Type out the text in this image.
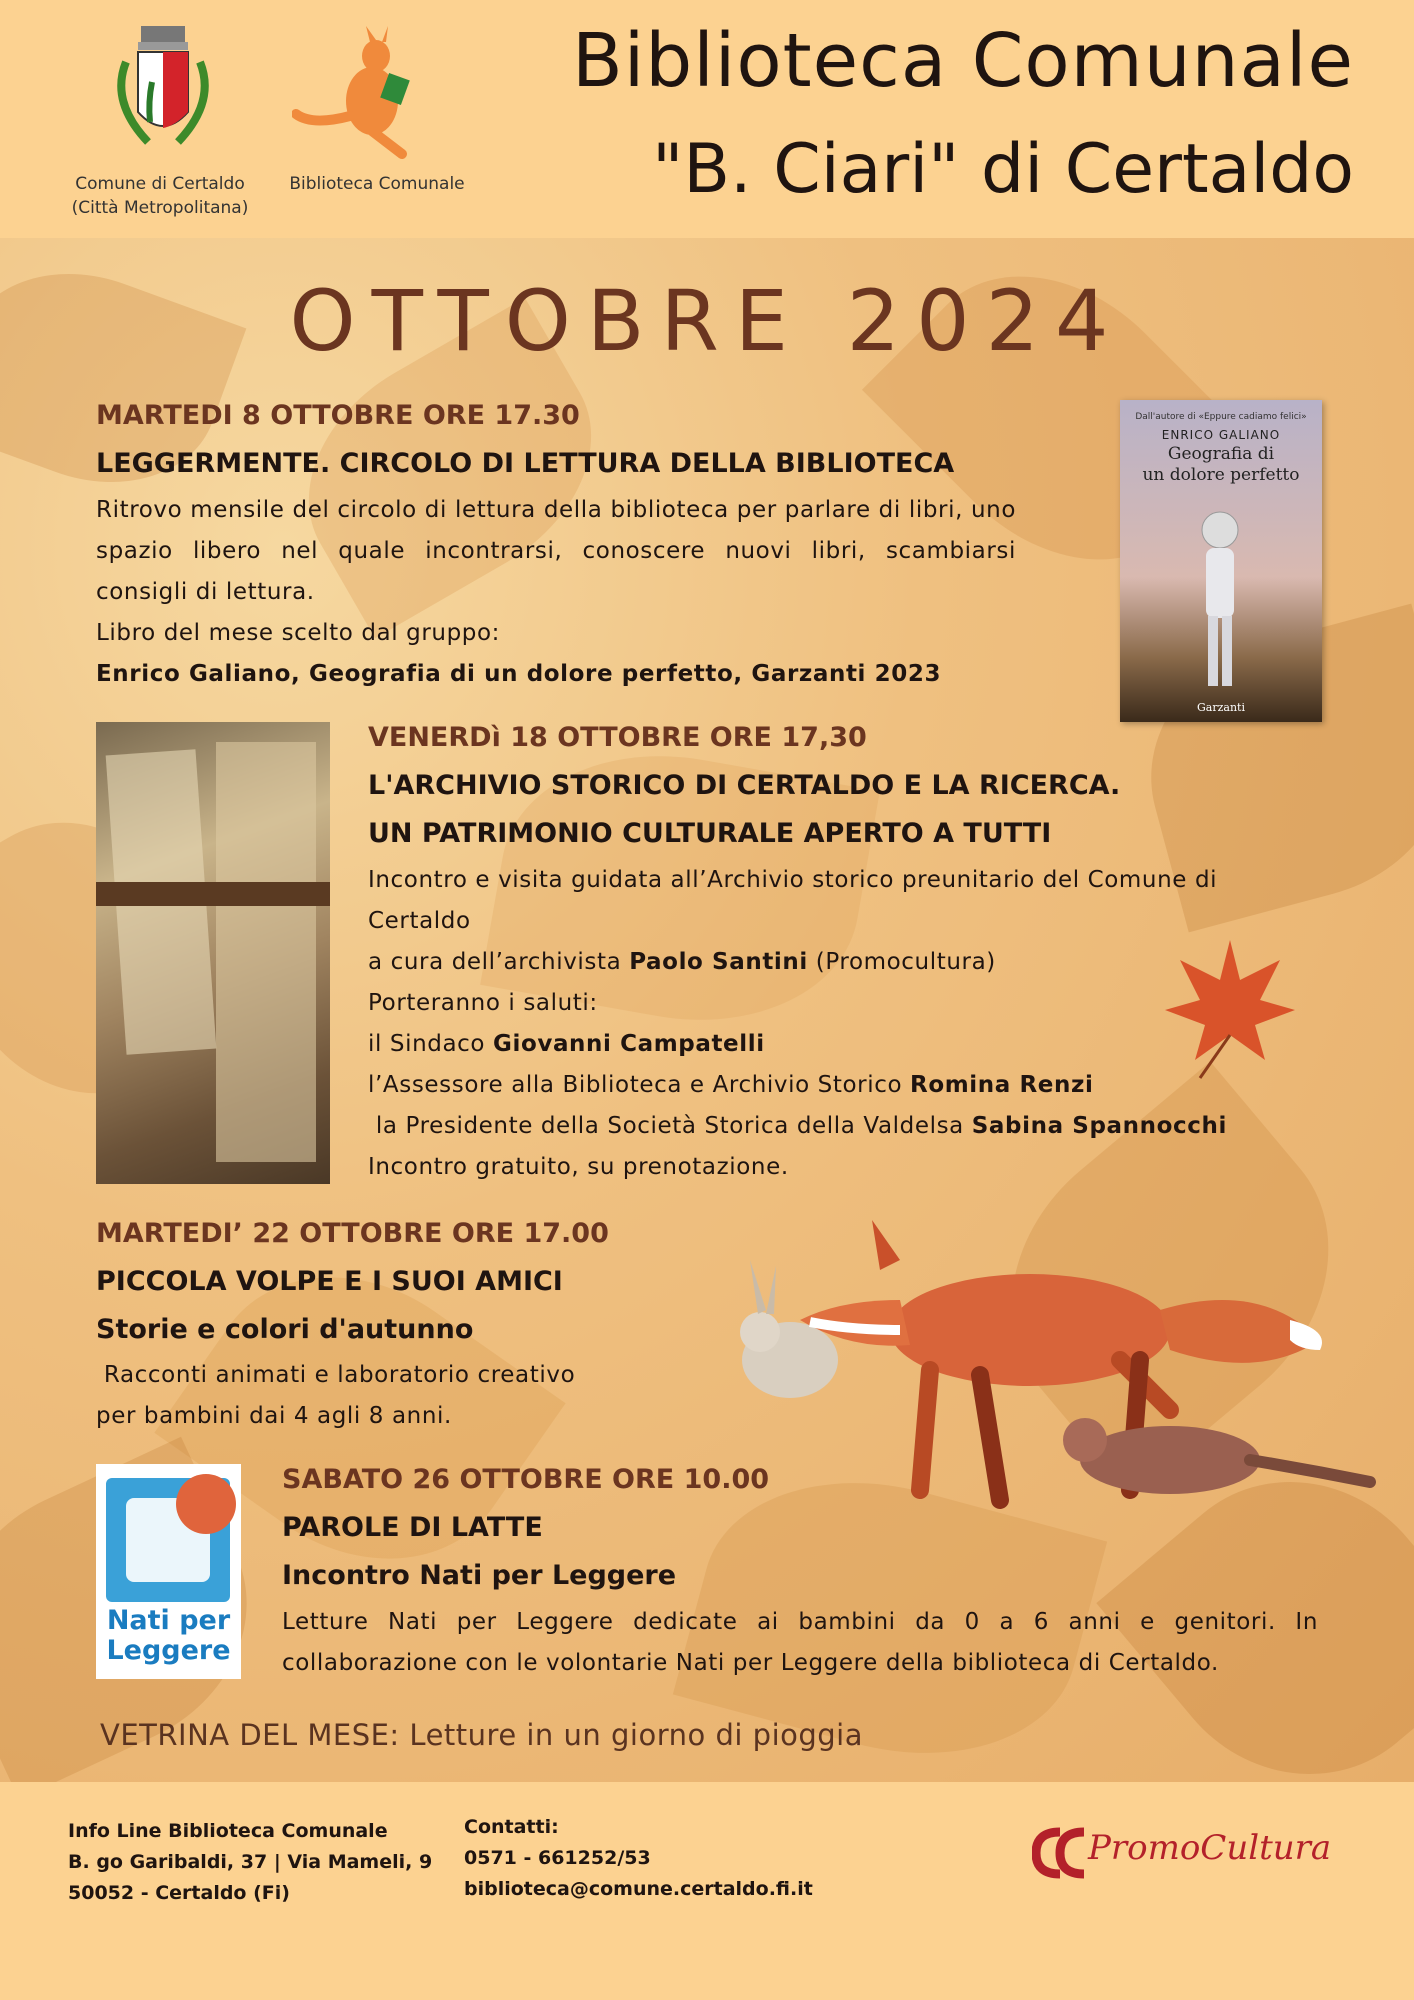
Comune di Certaldo
(Città Metropolitana)
Biblioteca Comunale
Biblioteca Comunale
"B. Ciari" di Certaldo
OTTOBRE 2024
MARTEDI 8 OTTOBRE ORE 17.30
LEGGERMENTE. CIRCOLO DI LETTURA DELLA BIBLIOTECA
Ritrovo mensile del circolo di lettura della biblioteca per parlare di libri, uno spazio libero nel quale incontrarsi, conoscere nuovi libri, scambiarsi consigli di lettura.
Libro del mese scelto dal gruppo:
Enrico Galiano, Geografia di un dolore perfetto, Garzanti 2023
Dall'autore di «Eppure cadiamo felici»
ENRICO GALIANO
Geografia di
un dolore perfetto
Garzanti
VENERDì 18 OTTOBRE ORE 17,30
L'ARCHIVIO STORICO DI CERTALDO E LA RICERCA.
UN PATRIMONIO CULTURALE APERTO A TUTTI
Incontro e visita guidata all’Archivio storico preunitario del Comune di Certaldo
a cura dell’archivista Paolo Santini (Promocultura)
Porteranno i saluti:
il Sindaco Giovanni Campatelli
l’Assessore alla Biblioteca e Archivio Storico Romina Renzi
la Presidente della Società Storica della Valdelsa Sabina Spannocchi
Incontro gratuito, su prenotazione.
MARTEDI’ 22 OTTOBRE ORE 17.00
PICCOLA VOLPE E I SUOI AMICI
Storie e colori d'autunno
Racconti animati e laboratorio creativo
per bambini dai 4 agli 8 anni.
Nati per
Leggere
SABATO 26 OTTOBRE ORE 10.00
PAROLE DI LATTE
Incontro Nati per Leggere
Letture Nati per Leggere dedicate ai bambini da 0 a 6 anni e genitori. In collaborazione con le volontarie Nati per Leggere della biblioteca di Certaldo.
VETRINA DEL MESE: Letture in un giorno di pioggia
Info Line Biblioteca Comunale
B. go Garibaldi, 37 | Via Mameli, 9
50052 - Certaldo (Fi)
Contatti:
0571 - 661252/53
biblioteca@comune.certaldo.fi.it
PromoCultura
